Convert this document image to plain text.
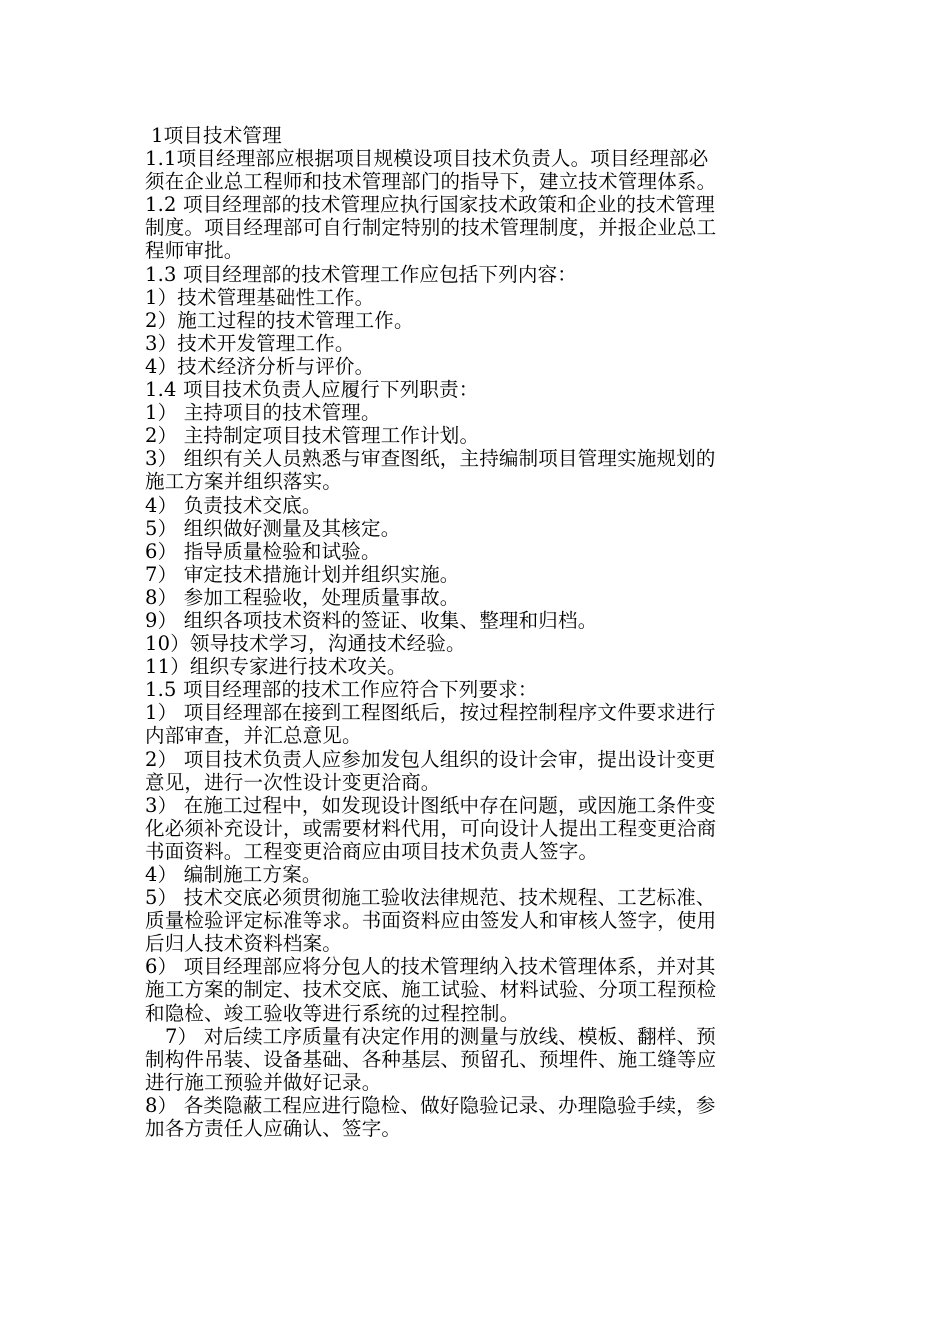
1项目技术管理
1.1项目经理部应根据项目规模设项目技术负责人。项目经理部必
须在企业总工程师和技术管理部门的指导下，建立技术管理体系。
1.2 项目经理部的技术管理应执行国家技术政策和企业的技术管理
制度。项目经理部可自行制定特别的技术管理制度，并报企业总工
程师审批。
1.3 项目经理部的技术管理工作应包括下列内容：
1）技术管理基础性工作。
2）施工过程的技术管理工作。
3）技术开发管理工作。
4）技术经济分析与评价。
1.4 项目技术负责人应履行下列职责：
1） 主持项目的技术管理。
2） 主持制定项目技术管理工作计划。
3） 组织有关人员熟悉与审查图纸，主持编制项目管理实施规划的
施工方案并组织落实。
4） 负责技术交底。
5） 组织做好测量及其核定。
6） 指导质量检验和试验。
7） 审定技术措施计划并组织实施。
8） 参加工程验收，处理质量事故。
9） 组织各项技术资料的签证、收集、整理和归档。
10）领导技术学习，沟通技术经验。
11）组织专家进行技术攻关。
1.5 项目经理部的技术工作应符合下列要求：
1） 项目经理部在接到工程图纸后，按过程控制程序文件要求进行
内部审查，并汇总意见。
2） 项目技术负责人应参加发包人组织的设计会审，提出设计变更
意见，进行一次性设计变更洽商。
3） 在施工过程中，如发现设计图纸中存在问题，或因施工条件变
化必须补充设计，或需要材料代用，可向设计人提出工程变更洽商
书面资料。工程变更洽商应由项目技术负责人签字。
4） 编制施工方案。
5） 技术交底必须贯彻施工验收法律规范、技术规程、工艺标准、
质量检验评定标准等求。书面资料应由签发人和审核人签字，使用
后归人技术资料档案。
6） 项目经理部应将分包人的技术管理纳入技术管理体系，并对其
施工方案的制定、技术交底、施工试验、材料试验、分项工程预检
和隐检、竣工验收等进行系统的过程控制。
7） 对后续工序质量有决定作用的测量与放线、模板、翻样、预
制构件吊装、设备基础、各种基层、预留孔、预埋件、施工缝等应
进行施工预验并做好记录。
8） 各类隐蔽工程应进行隐检、做好隐验记录、办理隐验手续，参
加各方责任人应确认、签字。
